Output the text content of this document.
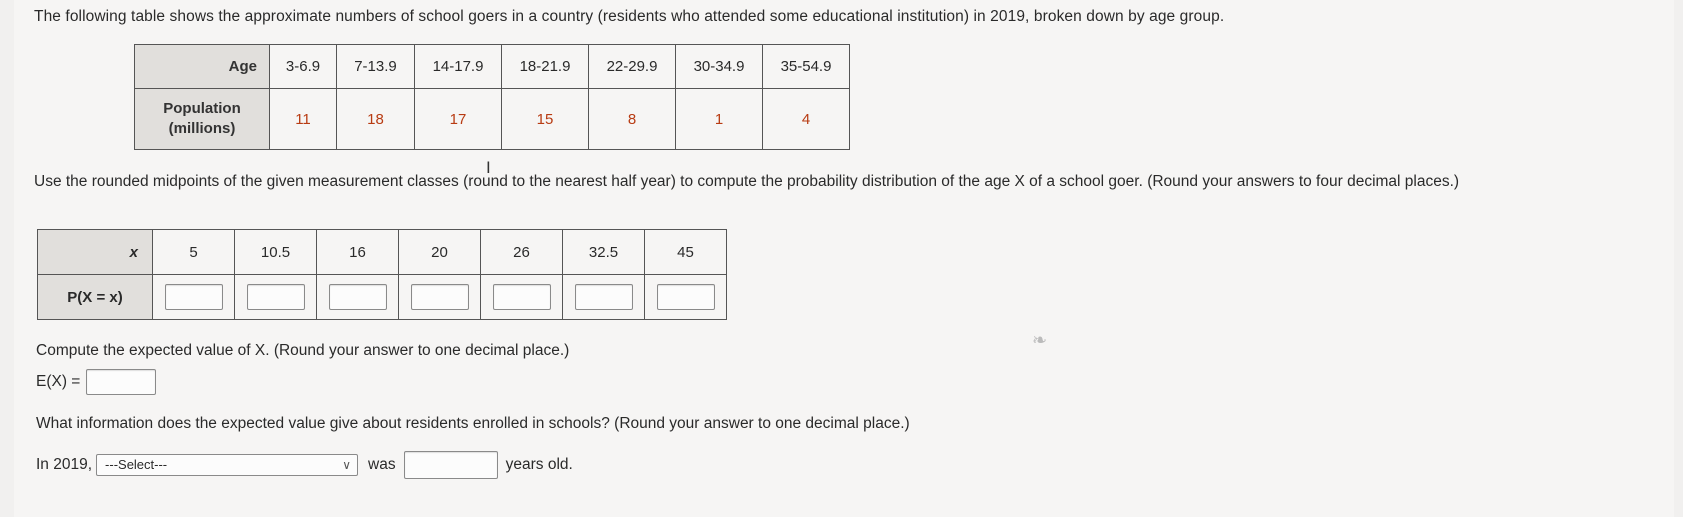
The following table shows the approximate numbers of school goers in a country (residents who attended some educational institution) in 2019, broken down by age group.

Age	3-6.9	7-13.9	14-17.9	18-21.9	22-29.9	30-34.9	35-54.9
Population
(millions)	11	18	17	15	8	1	4
I

Use the rounded midpoints of the given measurement classes (round to the nearest half year) to compute the probability distribution of the age X of a school goer. (Round your answers to four decimal places.)

x	5	10.5	16	20	26	32.5	45
P(X = x)							

Compute the expected value of X. (Round your answer to one decimal place.)

E(X) =
❧

What information does the expected value give about residents enrolled in schools? (Round your answer to one decimal place.)

In 2019,	---Select---	∨ was	years old.
